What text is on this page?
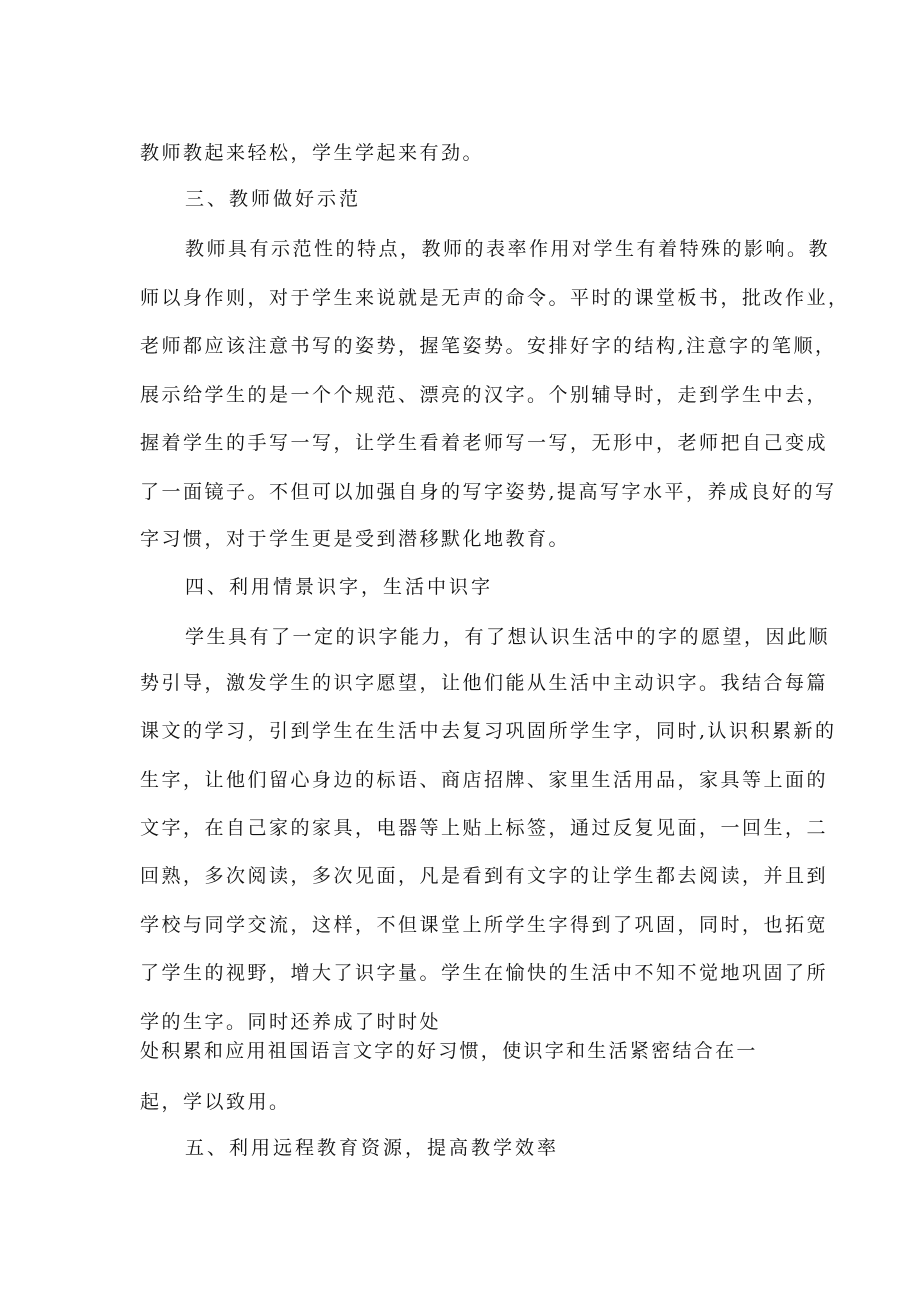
教师教起来轻松，学生学起来有劲。
三、教师做好示范
教师具有示范性的特点，教师的表率作用对学生有着特殊的影响。教
师以身作则，对于学生来说就是无声的命令。平时的课堂板书，批改作业，
老师都应该注意书写的姿势，握笔姿势。安排好字的结构,注意字的笔顺，
展示给学生的是一个个规范、漂亮的汉字。个别辅导时，走到学生中去，
握着学生的手写一写，让学生看着老师写一写，无形中，老师把自己变成
了一面镜子。不但可以加强自身的写字姿势,提高写字水平，养成良好的写
字习惯，对于学生更是受到潜移默化地教育。
四、利用情景识字，生活中识字
学生具有了一定的识字能力，有了想认识生活中的字的愿望，因此顺
势引导，激发学生的识字愿望，让他们能从生活中主动识字。我结合每篇
课文的学习，引到学生在生活中去复习巩固所学生字，同时,认识积累新的
生字，让他们留心身边的标语、商店招牌、家里生活用品，家具等上面的
文字，在自己家的家具，电器等上贴上标签，通过反复见面，一回生，二
回熟，多次阅读，多次见面，凡是看到有文字的让学生都去阅读，并且到
学校与同学交流，这样，不但课堂上所学生字得到了巩固，同时，也拓宽
了学生的视野，增大了识字量。学生在愉快的生活中不知不觉地巩固了所
学的生字。同时还养成了时时处
处积累和应用祖国语言文字的好习惯，使识字和生活紧密结合在一
起，学以致用。
五、利用远程教育资源，提高教学效率
